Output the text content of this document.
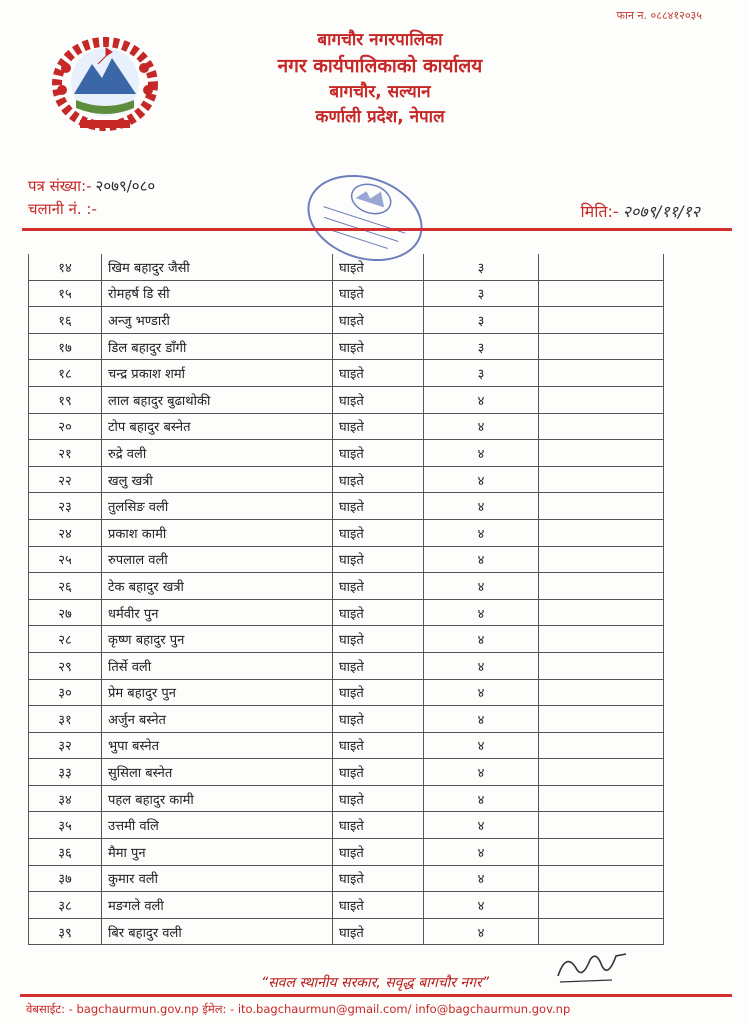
फान न. ०८८४१२०३५
बागचौर नगरपालिका
नगर कार्यपालिकाको कार्यालय
बागचौर, सल्यान
कर्णाली प्रदेश, नेपाल
पत्र संख्या:- २०७९/०८०
चलानी नं. :-	मिति:- २०७९/११/१२
१४	खिम बहादुर जैसी	घाइते	३	
१५	रोमहर्ष डि सी	घाइते	३	
१६	अन्जु भण्डारी	घाइते	३	
१७	डिल बहादुर डाँगी	घाइते	३	
१८	चन्द्र प्रकाश शर्मा	घाइते	३	
१९	लाल बहादुर बुढाथोकी	घाइते	४	
२०	टोप बहादुर बस्नेत	घाइते	४	
२१	रुद्रे वली	घाइते	४	
२२	खलु खत्री	घाइते	४	
२३	तुलसिङ वली	घाइते	४	
२४	प्रकाश कामी	घाइते	४	
२५	रुपलाल वली	घाइते	४	
२६	टेक बहादुर खत्री	घाइते	४	
२७	धर्मवीर पुन	घाइते	४	
२८	कृष्ण बहादुर पुन	घाइते	४	
२९	तिर्से वली	घाइते	४	
३०	प्रेम बहादुर पुन	घाइते	४	
३१	अर्जुन बस्नेत	घाइते	४	
३२	भुपा बस्नेत	घाइते	४	
३३	सुसिला बस्नेत	घाइते	४	
३४	पहल बहादुर कामी	घाइते	४	
३५	उत्तमी वलि	घाइते	४	
३६	मैमा पुन	घाइते	४	
३७	कुमार वली	घाइते	४	
३८	मङगले वली	घाइते	४	
३९	बिर बहादुर वली	घाइते	४	
“सवल स्थानीय सरकार, सवृद्ध बागचौर नगर”
वेबसाईट: - bagchaurmun.gov.np ईमेल: - ito.bagchaurmun@gmail.com/ info@bagchaurmun.gov.np
